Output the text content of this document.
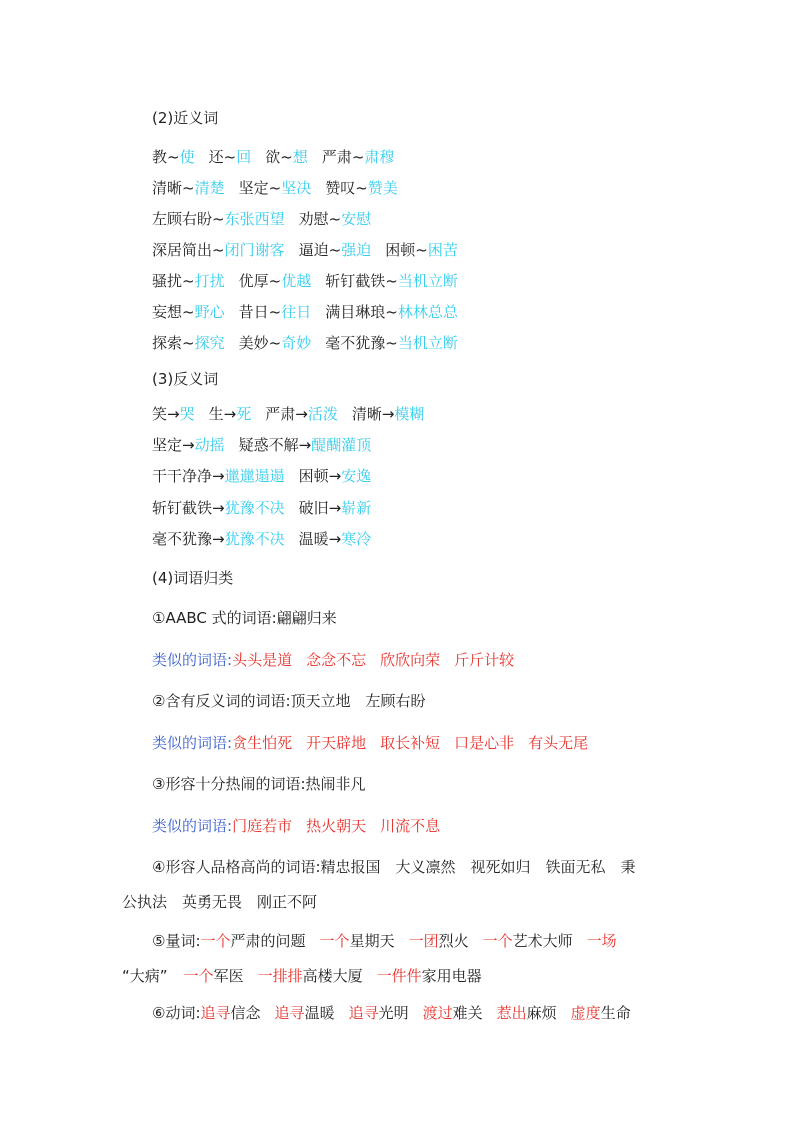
(2)近义词
教~使 还~回 欲~想 严肃~肃穆
清晰~清楚 坚定~坚决 赞叹~赞美
左顾右盼~东张西望 劝慰~安慰
深居简出~闭门谢客 逼迫~强迫 困顿~困苦
骚扰~打扰 优厚~优越 斩钉截铁~当机立断
妄想~野心 昔日~往日 满目琳琅~林林总总
探索~探究 美妙~奇妙 毫不犹豫~当机立断
(3)反义词
笑→哭 生→死 严肃→活泼 清晰→模糊
坚定→动摇 疑惑不解→醍醐灌顶
干干净净→邋邋遢遢 困顿→安逸
斩钉截铁→犹豫不决 破旧→崭新
毫不犹豫→犹豫不决 温暖→寒冷
(4)词语归类
①AABC 式的词语:翩翩归来
类似的词语:头头是道 念念不忘 欣欣向荣 斤斤计较
②含有反义词的词语:顶天立地　左顾右盼
类似的词语:贪生怕死 开天辟地 取长补短 口是心非 有头无尾
③形容十分热闹的词语:热闹非凡
类似的词语:门庭若市 热火朝天 川流不息
④形容人品格高尚的词语:精忠报国　大义凛然　视死如归　铁面无私　秉
公执法　英勇无畏　刚正不阿
⑤量词:一个严肃的问题 一个星期天 一团烈火 一个艺术大师 一场
“大病” 一个军医 一排排高楼大厦 一件件家用电器
⑥动词:追寻信念 追寻温暖 追寻光明 渡过难关 惹出麻烦 虚度生命
